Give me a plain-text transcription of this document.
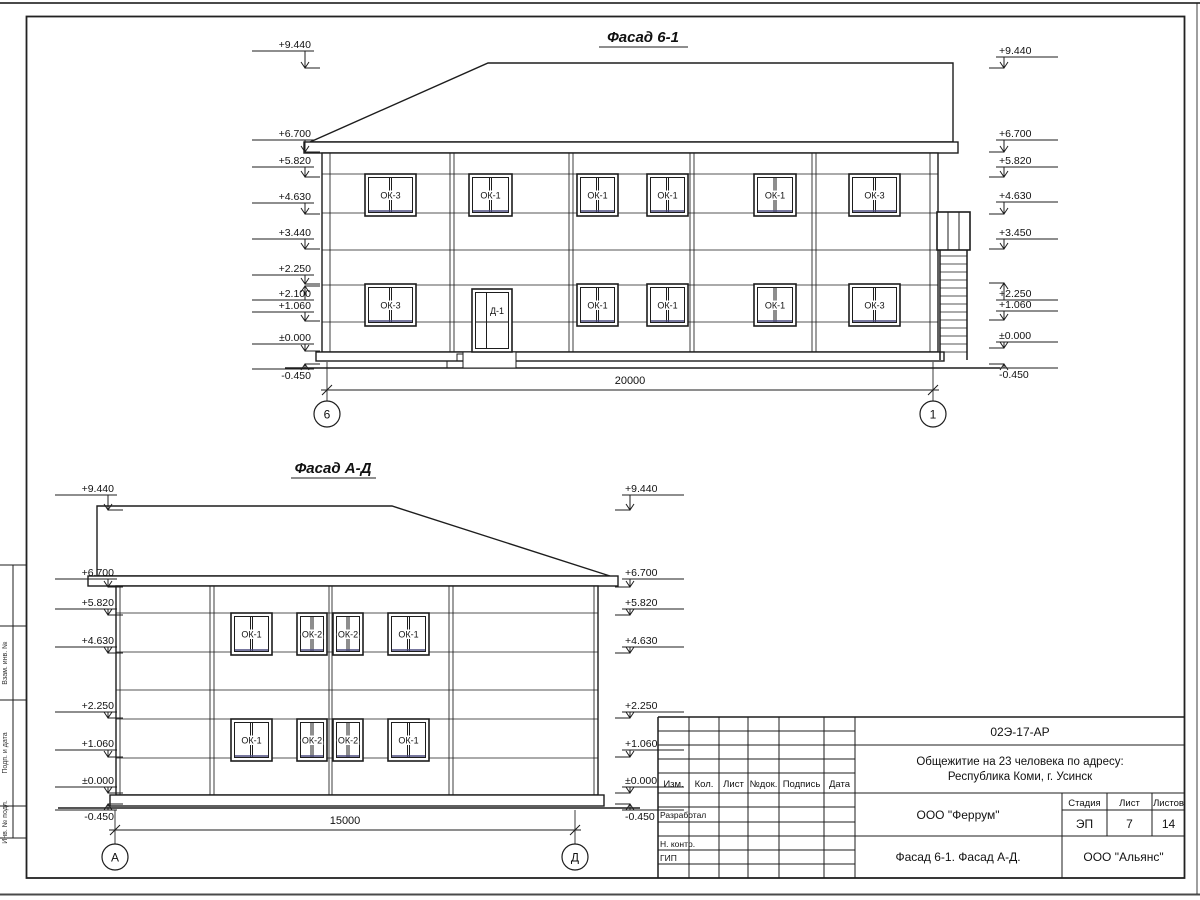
Взам. инв. №
Подп. и дата
Инв. № подл.
Фасад 6-1
ОК-3	ОК-1	ОК-1	ОК-1	ОК-1	ОК-3
ОК-3	ОК-1	ОК-1	ОК-1	ОК-3
Д-1
+9.440
+6.700
+5.820
+4.630
+3.440
+2.250
+2.100
+1.060
±0.000
-0.450
+9.440
+6.700
+5.820
+4.630
+3.450
+2.250
+1.060
±0.000
-0.450
20000
6	1
Фасад А-Д
ОК-1	ОК-2 ОК-2	ОК-1
ОК-1	ОК-2 ОК-2	ОК-1
+9.440
+6.700
+5.820
+4.630
+2.250
+1.060
±0.000
-0.450
+9.440
+6.700
+5.820
+4.630
+2.250
+1.060
±0.000
-0.450
15000
А	Д
02Э-17-АР
Общежитие на 23 человека по адресу:
Республика Коми, г. Усинск
Изм. Кол. Лист №док. Подпись Дата
Разработал
Н. контр.
ГИП
ООО "Феррум"
Стадия Лист Листов
ЭП	7 14
Фасад 6-1. Фасад А-Д.	ООО "Альянс"
